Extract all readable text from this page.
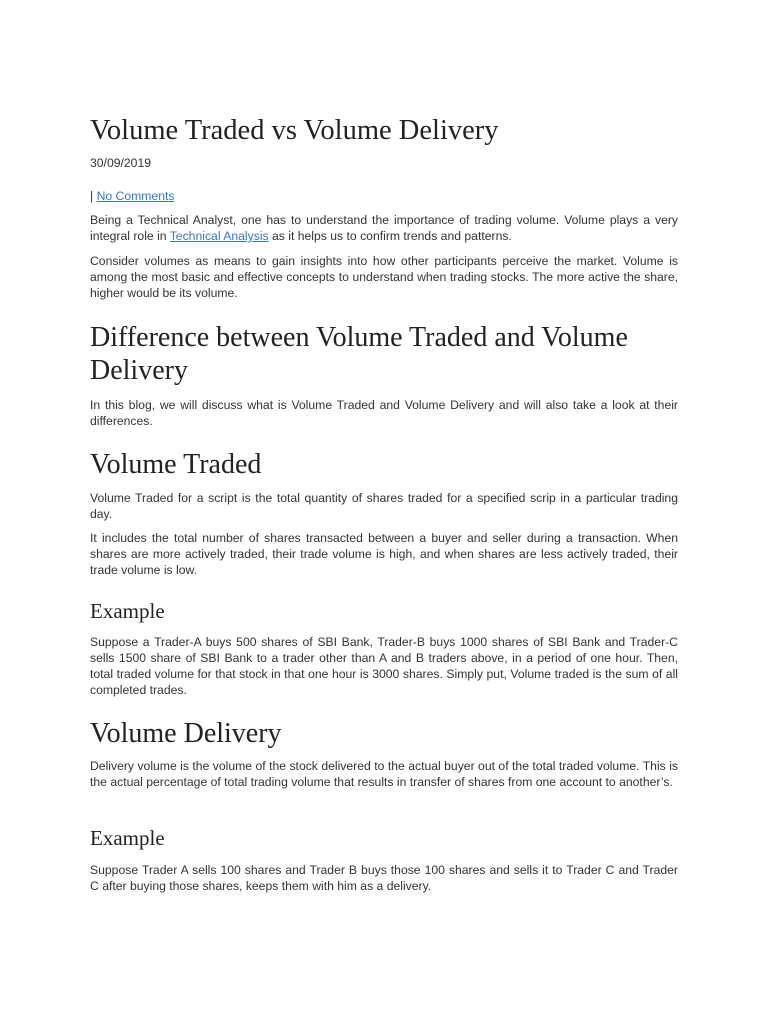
Volume Traded vs Volume Delivery
30/09/2019
| No Comments

Being a Technical Analyst, one has to understand the importance of trading volume. Volume plays a very integral role in Technical Analysis as it helps us to confirm trends and patterns.

Consider volumes as means to gain insights into how other participants perceive the market. Volume is among the most basic and effective concepts to understand when trading stocks. The more active the share, higher would be its volume.

Difference between Volume Traded and Volume Delivery

In this blog, we will discuss what is Volume Traded and Volume Delivery and will also take a look at their differences.

Volume Traded

Volume Traded for a script is the total quantity of shares traded for a specified scrip in a particular trading day.

It includes the total number of shares transacted between a buyer and seller during a transaction. When shares are more actively traded, their trade volume is high, and when shares are less actively traded, their trade volume is low.

Example

Suppose a Trader-A buys 500 shares of SBI Bank, Trader-B buys 1000 shares of SBI Bank and Trader-C sells 1500 share of SBI Bank to a trader other than A and B traders above, in a period of one hour. Then, total traded volume for that stock in that one hour is 3000 shares. Simply put, Volume traded is the sum of all completed trades.

Volume Delivery

Delivery volume is the volume of the stock delivered to the actual buyer out of the total traded volume. This is the actual percentage of total trading volume that results in transfer of shares from one account to another’s.

Example

Suppose Trader A sells 100 shares and Trader B buys those 100 shares and sells it to Trader C and Trader C after buying those shares, keeps them with him as a delivery.
